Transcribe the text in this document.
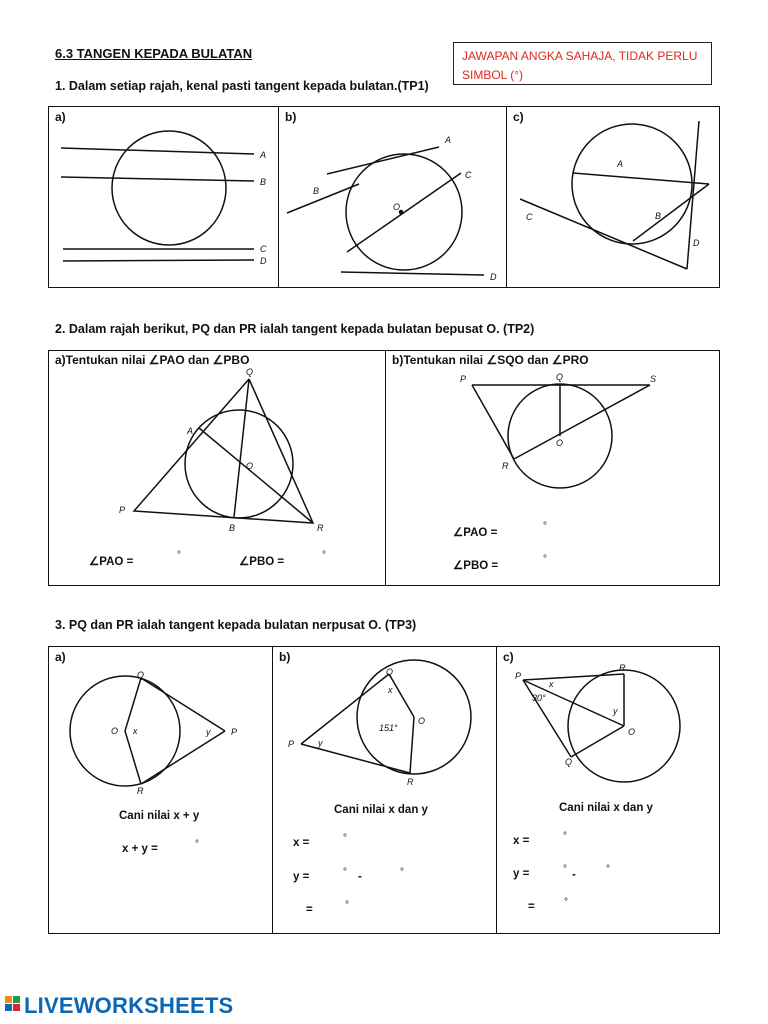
6.3 TANGEN KEPADA BULATAN	JAWAPAN ANGKA SAHAJA, TIDAK PERLU
SIMBOL (°)
1. Dalam setiap rajah, kenal pasti tangent kepada bulatan.(TP1)
a)
A
B
C
D
b)
O
A
B
C
D
c)
A
B
C
D
2. Dalam rajah berikut, PQ dan PR ialah tangent kepada bulatan bepusat O. (TP2)
a)Tentukan nilai ∠PAO dan ∠PBO
Q
A
O
P
B	R
∠PAO =
°
∠PBO =
°
b)Tentukan nilai ∠SQO dan ∠PRO
P	Q	S
O
R
∠PAO =
°
∠PBO =
°
3. PQ dan PR ialah tangent kepada bulatan nerpusat O. (TP3)
a)
Q
O x	y P
R
Cani nilai x + y
x + y =	°
b)
Q
x
151°
O
P	y
R
Cani nilai x dan y
x =	°
y =	° -	°
=	°
c)
P
R
x
30°
y
O
Q
Cani nilai x dan y
x =	°
y =	° -	°
=	°
LIVEWORKSHEETS
